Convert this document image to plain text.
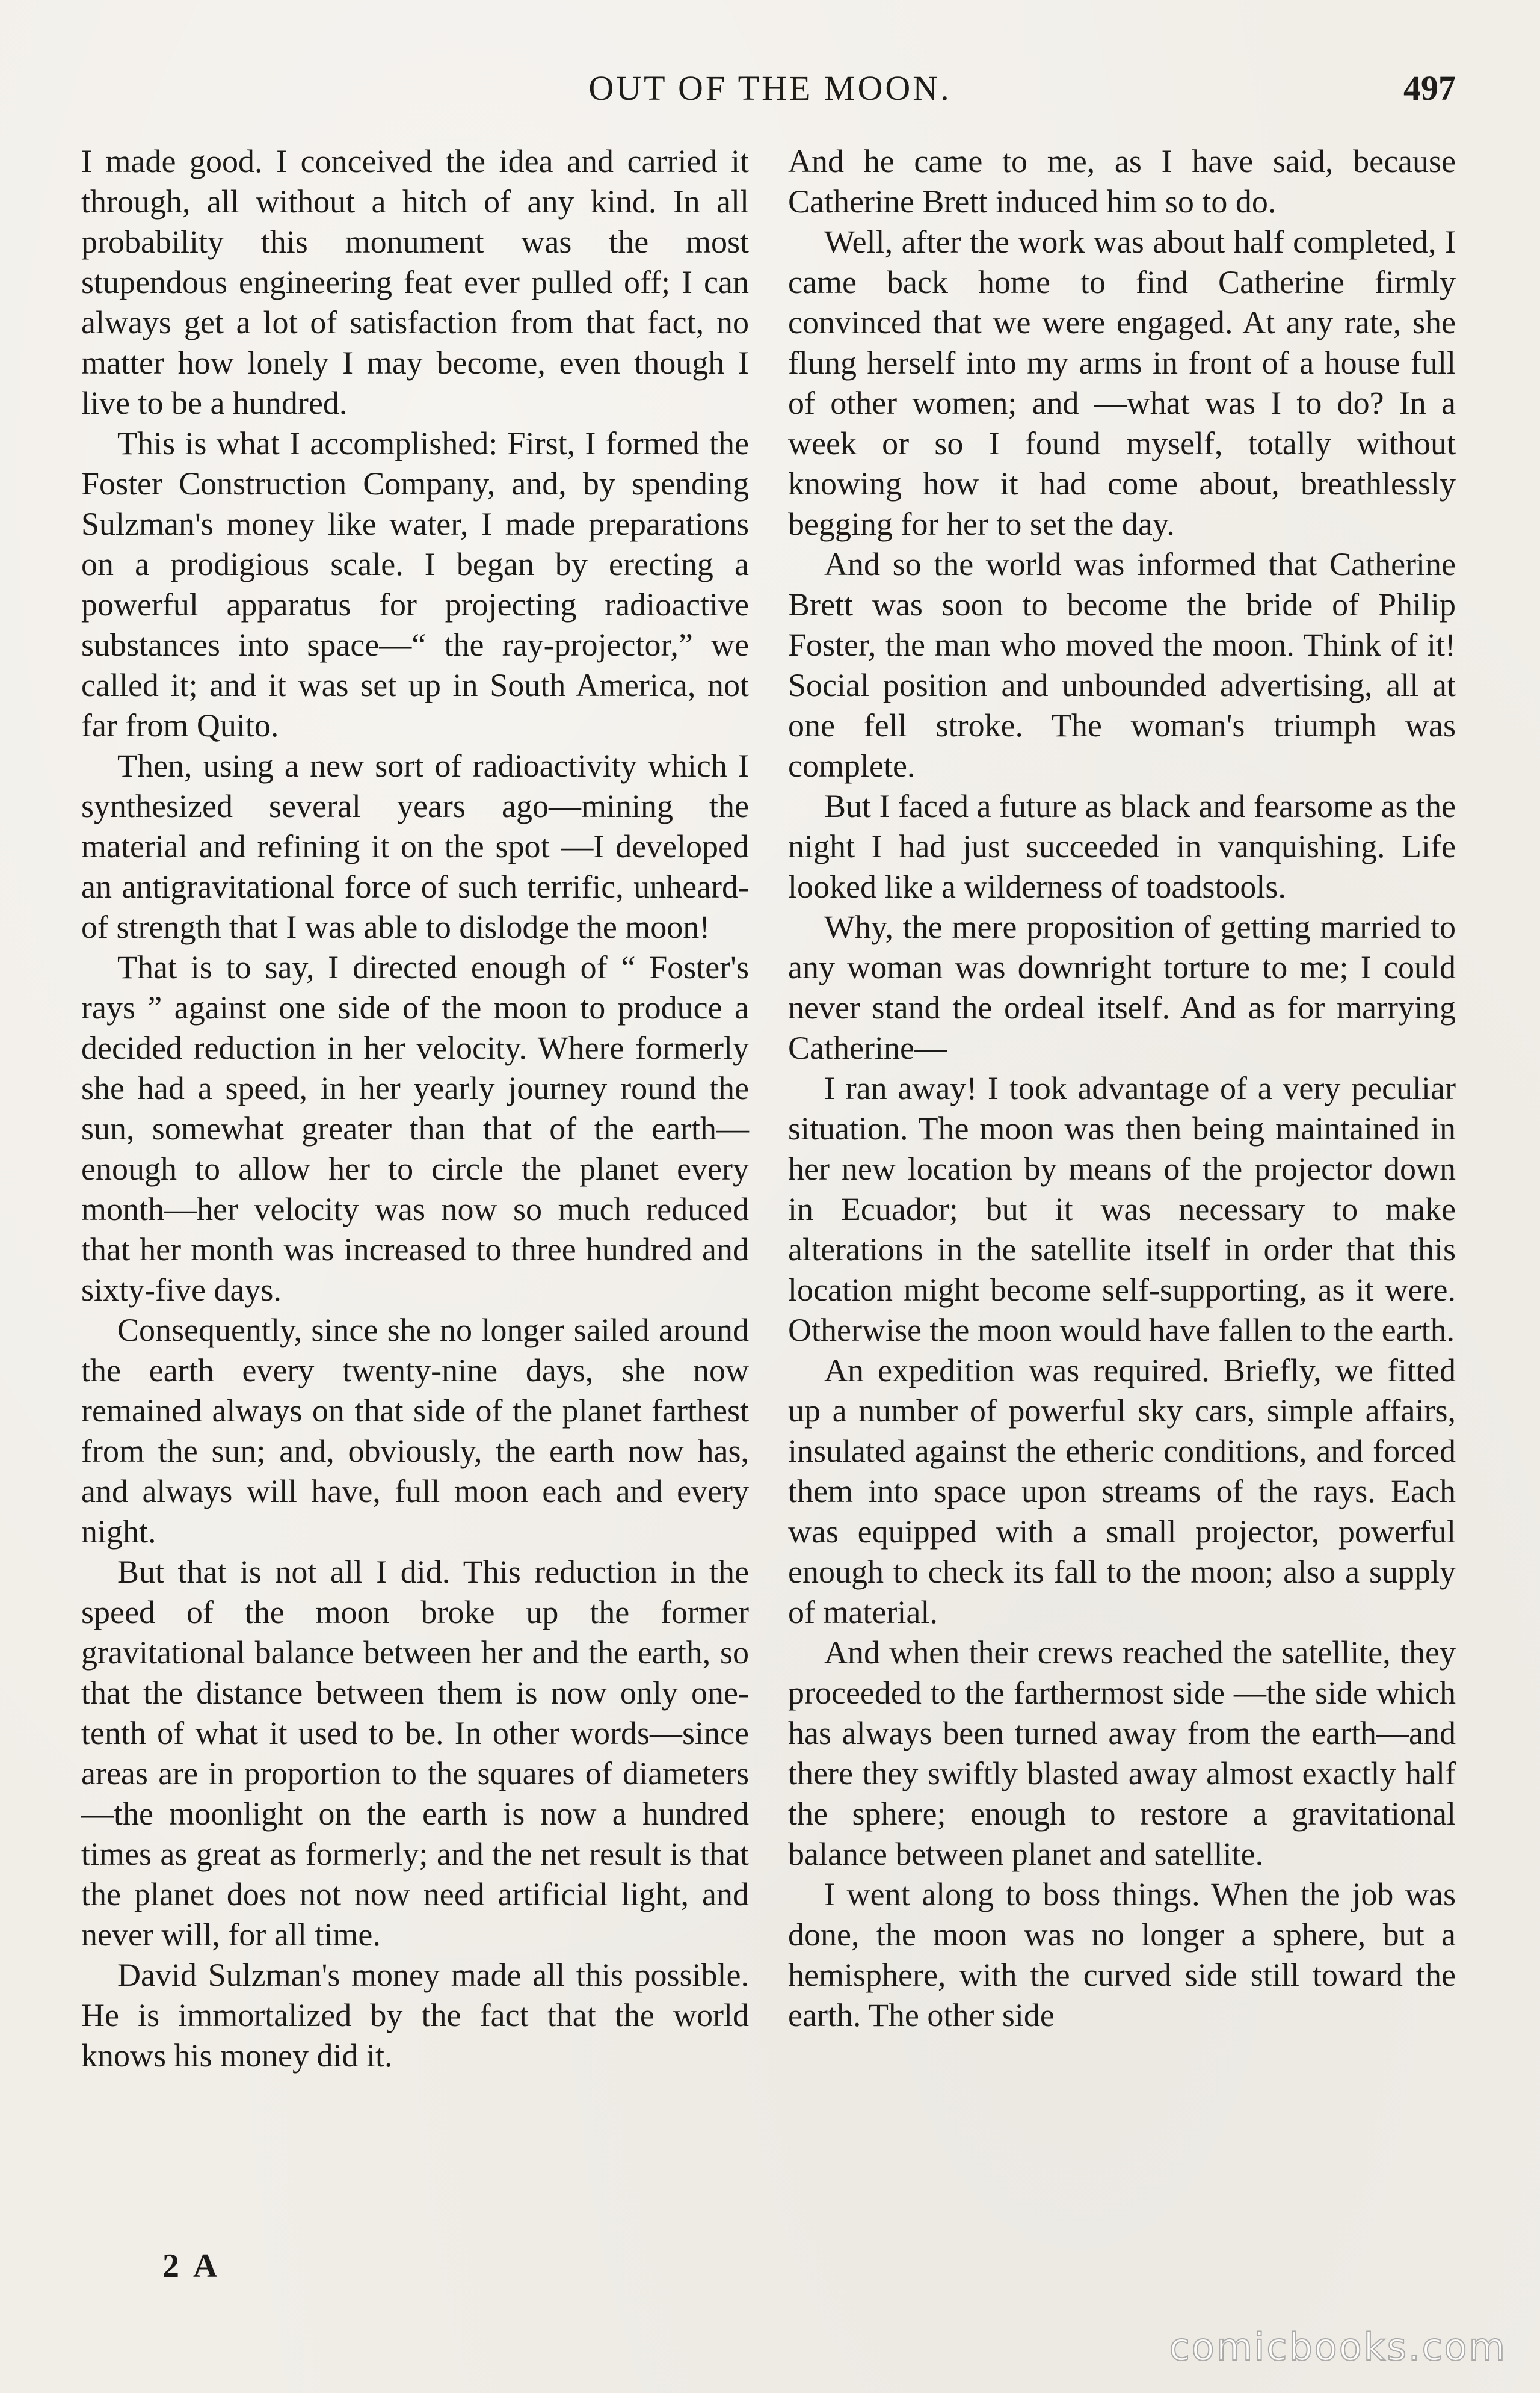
OUT OF THE MOON.	497

I made good. I conceived the idea and carried it through, all without a hitch of any kind. In all probability this monument was the most stupendous engineering feat ever pulled off; I can always get a lot of satisfaction from that fact, no matter how lonely I may become, even though I live to be a hundred.

This is what I accomplished: First, I formed the Foster Construction Company, and, by spending Sulzman's money like water, I made preparations on a prodigious scale. I began by erecting a powerful apparatus for projecting radioactive substances into space—“ the ray-projector,” we called it; and it was set up in South America, not far from Quito.

Then, using a new sort of radioactivity which I synthesized several years ago—mining the material and refining it on the spot —I developed an antigravitational force of such terrific, unheard-of strength that I was able to dislodge the moon!

That is to say, I directed enough of “ Foster's rays ” against one side of the moon to produce a decided reduction in her velocity. Where formerly she had a speed, in her yearly journey round the sun, somewhat greater than that of the earth—enough to allow her to circle the planet every month—her velocity was now so much reduced that her month was increased to three hundred and sixty-five days.

Consequently, since she no longer sailed around the earth every twenty-nine days, she now remained always on that side of the planet farthest from the sun; and, obviously, the earth now has, and always will have, full moon each and every night.

But that is not all I did. This reduction in the speed of the moon broke up the former gravitational balance between her and the earth, so that the distance between them is now only one-tenth of what it used to be. In other words—since areas are in proportion to the squares of diameters—the moonlight on the earth is now a hundred times as great as formerly; and the net result is that the planet does not now need artificial light, and never will, for all time.

David Sulzman's money made all this possible. He is immortalized by the fact that the world knows his money did it.

2 A

And he came to me, as I have said, because Catherine Brett induced him so to do.

Well, after the work was about half completed, I came back home to find Catherine firmly convinced that we were engaged. At any rate, she flung herself into my arms in front of a house full of other women; and —what was I to do? In a week or so I found myself, totally without knowing how it had come about, breathlessly begging for her to set the day.

And so the world was informed that Catherine Brett was soon to become the bride of Philip Foster, the man who moved the moon. Think of it! Social position and unbounded advertising, all at one fell stroke. The woman's triumph was complete.

But I faced a future as black and fearsome as the night I had just succeeded in vanquishing. Life looked like a wilderness of toadstools.

Why, the mere proposition of getting married to any woman was downright torture to me; I could never stand the ordeal itself. And as for marrying Catherine—

I ran away! I took advantage of a very peculiar situation. The moon was then being maintained in her new location by means of the projector down in Ecuador; but it was necessary to make alterations in the satellite itself in order that this location might become self-supporting, as it were. Otherwise the moon would have fallen to the earth.

An expedition was required. Briefly, we fitted up a number of powerful sky cars, simple affairs, insulated against the etheric conditions, and forced them into space upon streams of the rays. Each was equipped with a small projector, powerful enough to check its fall to the moon; also a supply of material.

And when their crews reached the satellite, they proceeded to the farthermost side —the side which has always been turned away from the earth—and there they swiftly blasted away almost exactly half the sphere; enough to restore a gravitational balance between planet and satellite.

I went along to boss things. When the job was done, the moon was no longer a sphere, but a hemisphere, with the curved side still toward the earth. The other side

comicbooks.com
